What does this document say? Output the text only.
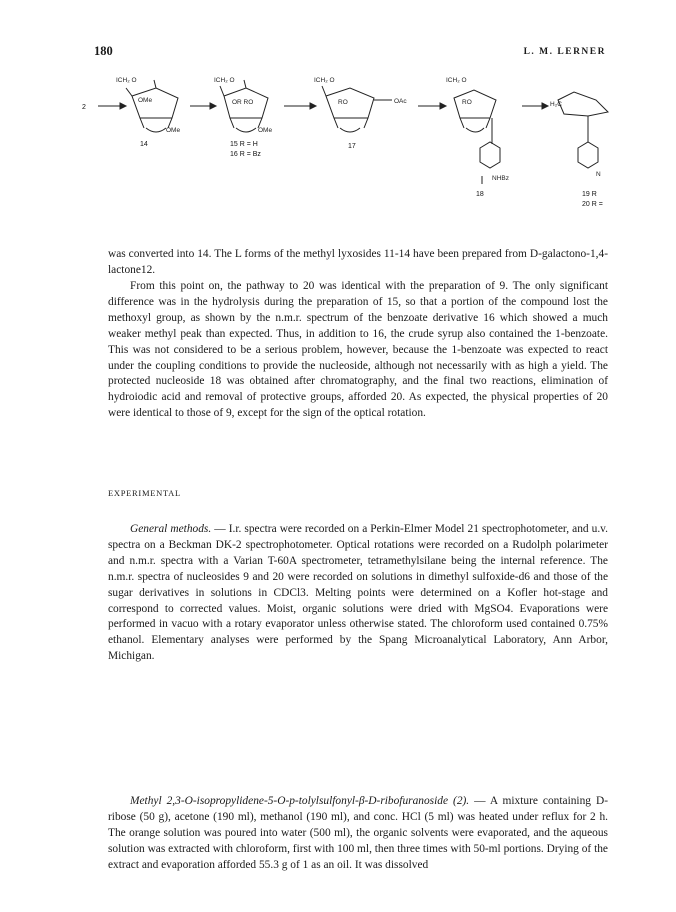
180	L. M. LERNER
ICH₂ O
OMe
OMe
ICH₂ O
OR RO
OMe
ICH₂ O
RO	OAc
ICH₂ O
RO	H₂C
NHBz
N
2
14	15 R = H
16 R = Bz
17
18	19 R
20 R =

was converted into 14. The L forms of the methyl lyxosides 11-14 have been prepared from D-galactono-1,4-lactone12.

From this point on, the pathway to 20 was identical with the preparation of 9. The only significant difference was in the hydrolysis during the preparation of 15, so that a portion of the compound lost the methoxyl group, as shown by the n.m.r. spectrum of the benzoate derivative 16 which showed a much weaker methyl peak than expected. Thus, in addition to 16, the crude syrup also contained the 1-benzoate. This was not considered to be a serious problem, however, because the 1-benzoate was expected to react under the coupling conditions to provide the nucleoside, although not necessarily with as high a yield. The protected nucleoside 18 was obtained after chromatography, and the final two reactions, elimination of hydroiodic acid and removal of protective groups, afforded 20. As expected, the physical properties of 20 were identical to those of 9, except for the sign of the optical rotation.

EXPERIMENTAL

General methods. — I.r. spectra were recorded on a Perkin-Elmer Model 21 spectrophotometer, and u.v. spectra on a Beckman DK-2 spectrophotometer. Optical rotations were recorded on a Rudolph polarimeter and n.m.r. spectra with a Varian T-60A spectrometer, tetramethylsilane being the internal reference. The n.m.r. spectra of nucleosides 9 and 20 were recorded on solutions in dimethyl sulfoxide-d6 and those of the sugar derivatives in solutions in CDCl3. Melting points were determined on a Kofler hot-stage and correspond to corrected values. Moist, organic solutions were dried with MgSO4. Evaporations were performed in vacuo with a rotary evaporator unless otherwise stated. The chloroform used contained 0.75% ethanol. Elementary analyses were performed by the Spang Microanalytical Laboratory, Ann Arbor, Michigan.

Methyl 2,3-O-isopropylidene-5-O-p-tolylsulfonyl-β-D-ribofuranoside (2). — A mixture containing D-ribose (50 g), acetone (190 ml), methanol (190 ml), and conc. HCl (5 ml) was heated under reflux for 2 h. The orange solution was poured into water (500 ml), the organic solvents were evaporated, and the aqueous solution was extracted with chloroform, first with 100 ml, then three times with 50-ml portions. Drying of the extract and evaporation afforded 55.3 g of 1 as an oil. It was dissolved
